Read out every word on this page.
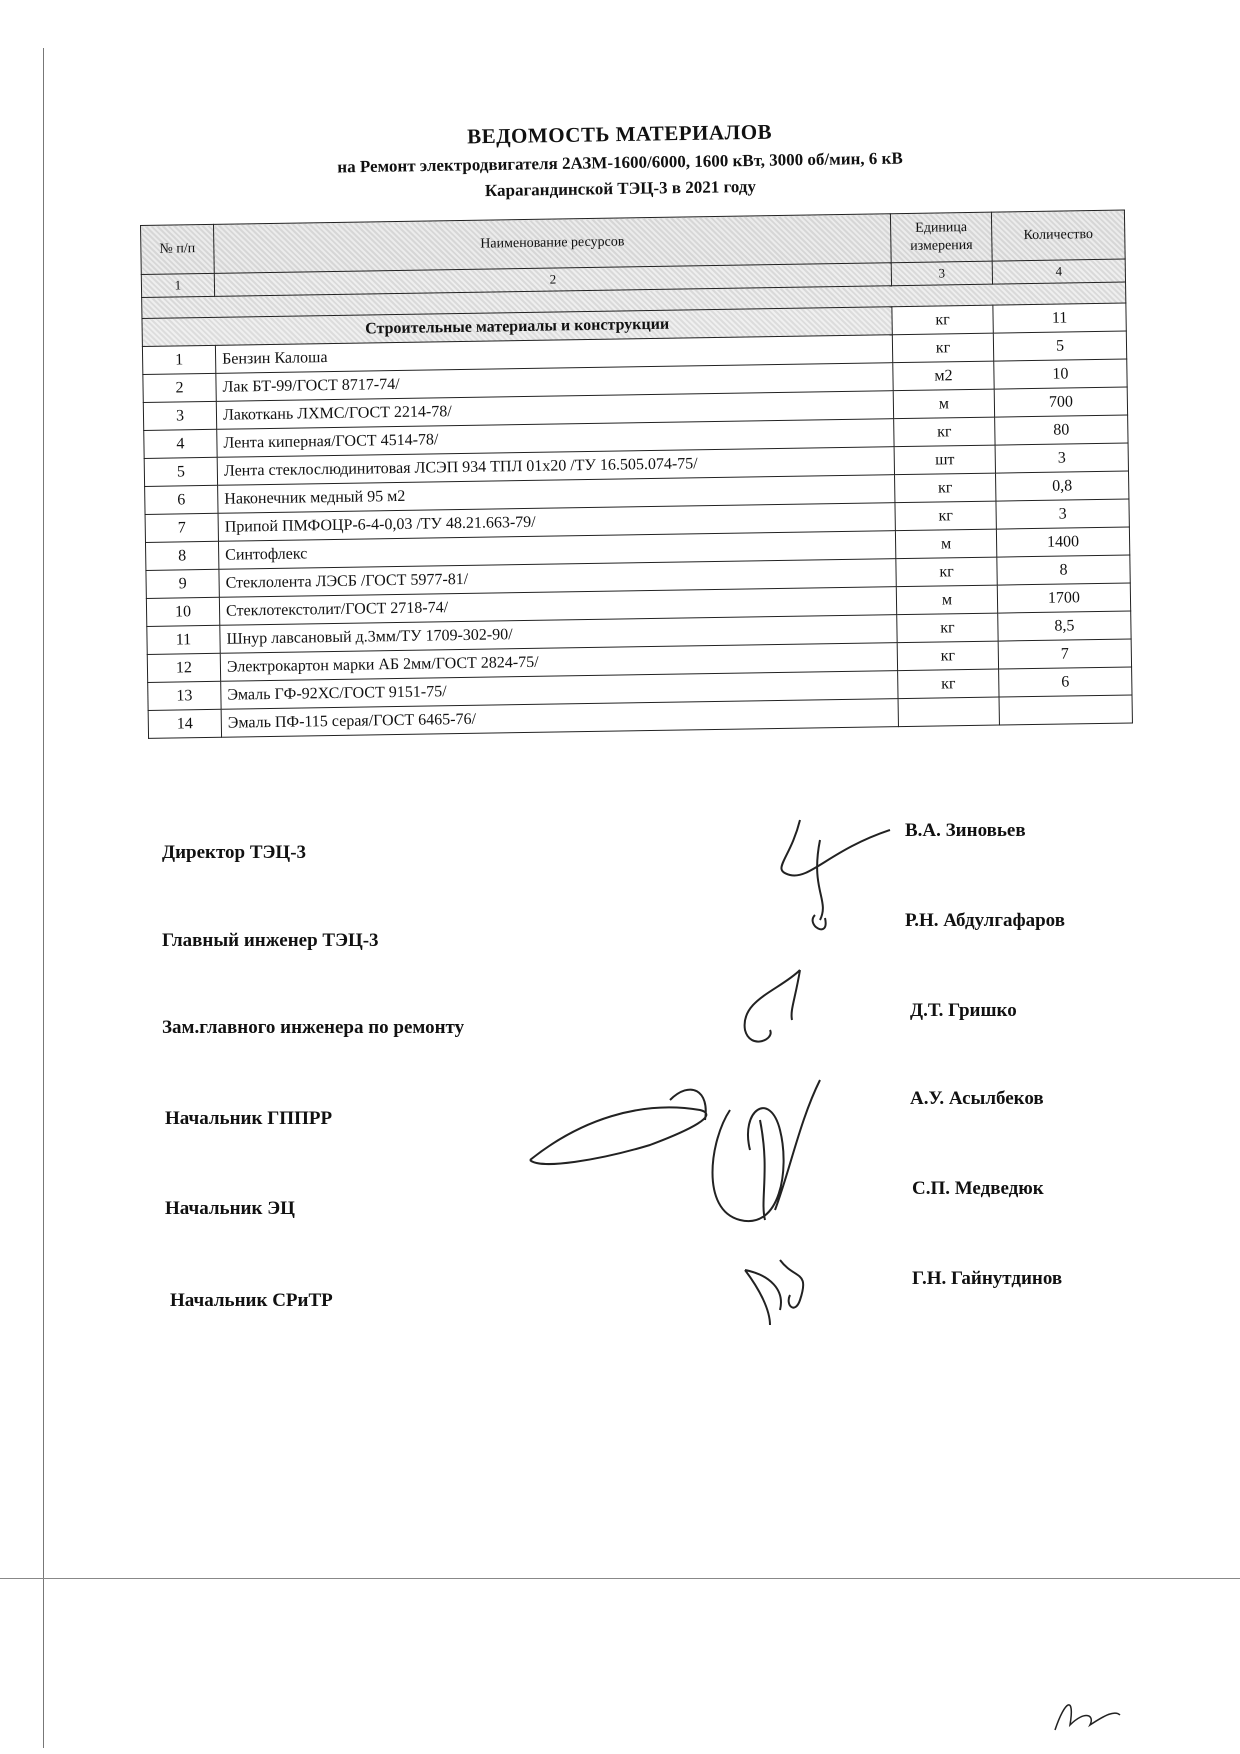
ВЕДОМОСТЬ МАТЕРИАЛОВ
на Ремонт электродвигателя 2АЗМ-1600/6000, 1600 кВт, 3000 об/мин, 6 кВ
Карагандинской ТЭЦ-3 в 2021 году
№ п/п	Наименование ресурсов	Единица измерения	Количество
1	2	3	4

Строительные материалы и конструкции		кг	11
1	Бензин Калоша	кг	5
2	Лак БТ-99/ГОСТ 8717-74/	м2	10
3	Лакоткань ЛХМС/ГОСТ 2214-78/	м	700
4	Лента киперная/ГОСТ 4514-78/	кг	80
5	Лента стеклослюдинитовая ЛСЭП 934 ТПЛ 01х20 /ТУ 16.505.074-75/	шт	3
6	Наконечник медный 95 м2	кг	0,8
7	Припой ПМФОЦР-6-4-0,03 /ТУ 48.21.663-79/	кг	3
8	Синтофлекс	м	1400
9	Стеклолента ЛЭСБ /ГОСТ 5977-81/	кг	8
10	Стеклотекстолит/ГОСТ 2718-74/	м	1700
11	Шнур лавсановый д.3мм/ТУ 1709-302-90/	кг	8,5
12	Электрокартон марки АБ 2мм/ГОСТ 2824-75/	кг	7
13	Эмаль ГФ-92ХС/ГОСТ 9151-75/	кг	6
14	Эмаль ПФ-115 серая/ГОСТ 6465-76/		
Директор ТЭЦ-3
Главный инженер ТЭЦ-3
Зам.главного инженера по ремонту
Начальник ГППРР
Начальник ЭЦ
Начальник СРиТР
В.А. Зиновьев
Р.Н. Абдулгафаров
Д.Т. Гришко
А.У. Асылбеков
С.П. Медведюк
Г.Н. Гайнутдинов
